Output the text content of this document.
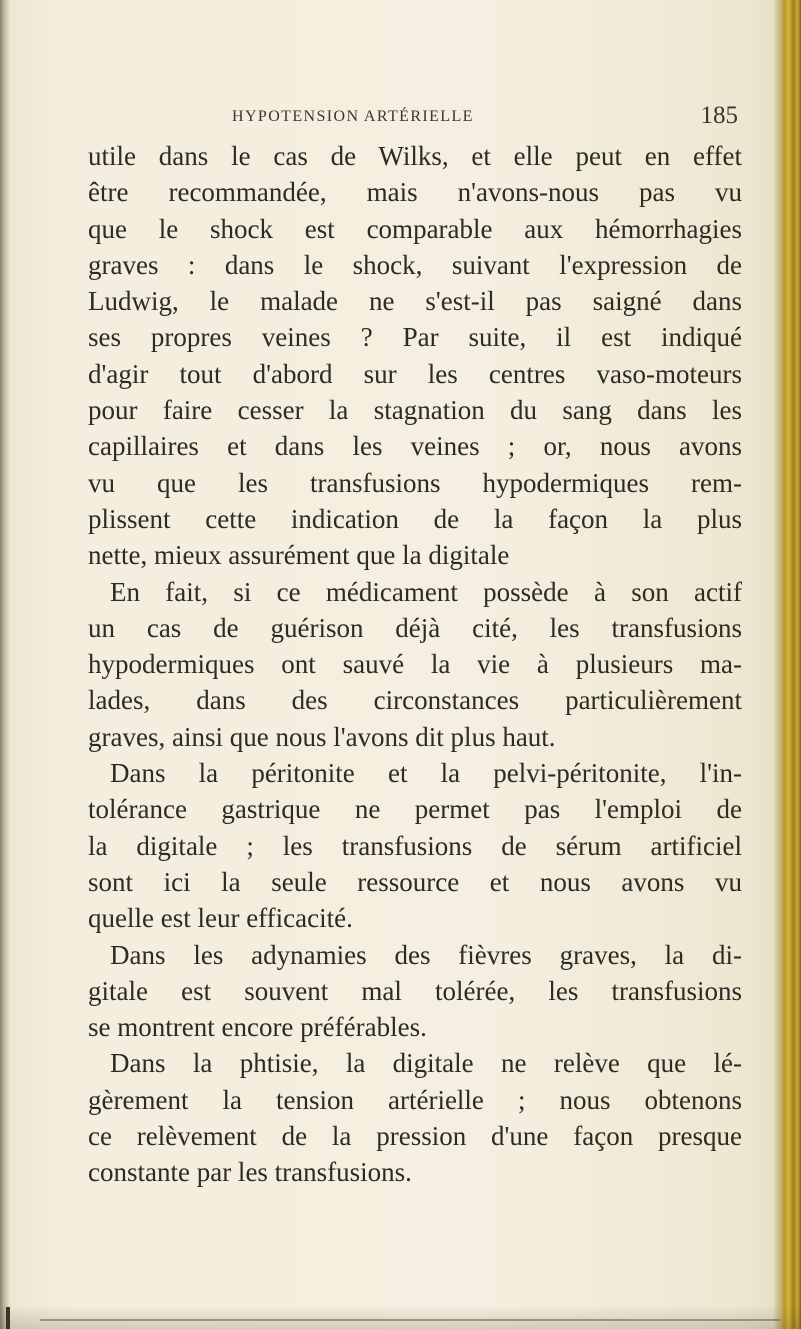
HYPOTENSION ARTÉRIELLE	185
utile dans le cas de Wilks, et elle peut en effet
être recommandée, mais n'avons-nous pas vu
que le shock est comparable aux hémorrhagies
graves : dans le shock, suivant l'expression de
Ludwig, le malade ne s'est-il pas saigné dans
ses propres veines ? Par suite, il est indiqué
d'agir tout d'abord sur les centres vaso-moteurs
pour faire cesser la stagnation du sang dans les
capillaires et dans les veines ; or, nous avons
vu que les transfusions hypodermiques rem-
plissent cette indication de la façon la plus
nette, mieux assurément que la digitale
En fait, si ce médicament possède à son actif
un cas de guérison déjà cité, les transfusions
hypodermiques ont sauvé la vie à plusieurs ma-
lades, dans des circonstances particulièrement
graves, ainsi que nous l'avons dit plus haut.
Dans la péritonite et la pelvi-péritonite, l'in-
tolérance gastrique ne permet pas l'emploi de
la digitale ; les transfusions de sérum artificiel
sont ici la seule ressource et nous avons vu
quelle est leur efficacité.
Dans les adynamies des fièvres graves, la di-
gitale est souvent mal tolérée, les transfusions
se montrent encore préférables.
Dans la phtisie, la digitale ne relève que lé-
gèrement la tension artérielle ; nous obtenons
ce relèvement de la pression d'une façon presque
constante par les transfusions.
